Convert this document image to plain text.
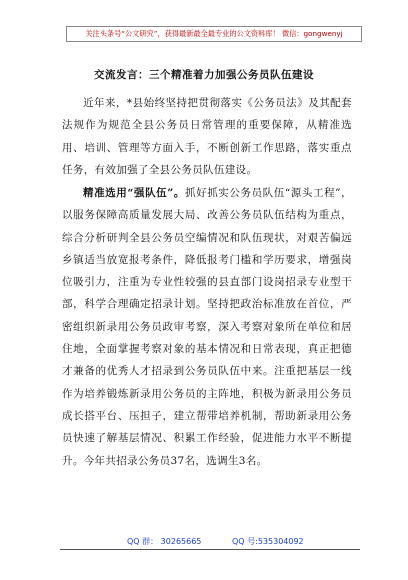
关注头条号“公文研究”，获得最新最全最专业的公文资料库！ 微信：gongwenyj
交流发言：三个精准着力加强公务员队伍建设

近年来，*县始终坚持把贯彻落实《公务员法》及其配套法规作为规范全县公务员日常管理的重要保障，从精准选用、培训、管理等方面入手，不断创新工作思路，落实重点任务，有效加强了全县公务员队伍建设。

精准选用“强队伍”。抓好抓实公务员队伍“源头工程”，以服务保障高质量发展大局、改善公务员队伍结构为重点，综合分析研判全县公务员空编情况和队伍现状，对艰苦偏远乡镇适当放宽报考条件，降低报考门槛和学历要求，增强岗位吸引力，注重为专业性较强的县直部门设岗招录专业型干部，科学合理确定招录计划。坚持把政治标准放在首位，严密组织新录用公务员政审考察，深入考察对象所在单位和居住地，全面掌握考察对象的基本情况和日常表现，真正把德才兼备的优秀人才招录到公务员队伍中来。注重把基层一线作为培养锻炼新录用公务员的主阵地，积极为新录用公务员成长搭平台、压担子，建立帮带培养机制，帮助新录用公务员快速了解基层情况、积累工作经验，促进能力水平不断提升。今年共招录公务员37名，选调生3名。

QQ 群： 30265665	QQ 号:535304092
